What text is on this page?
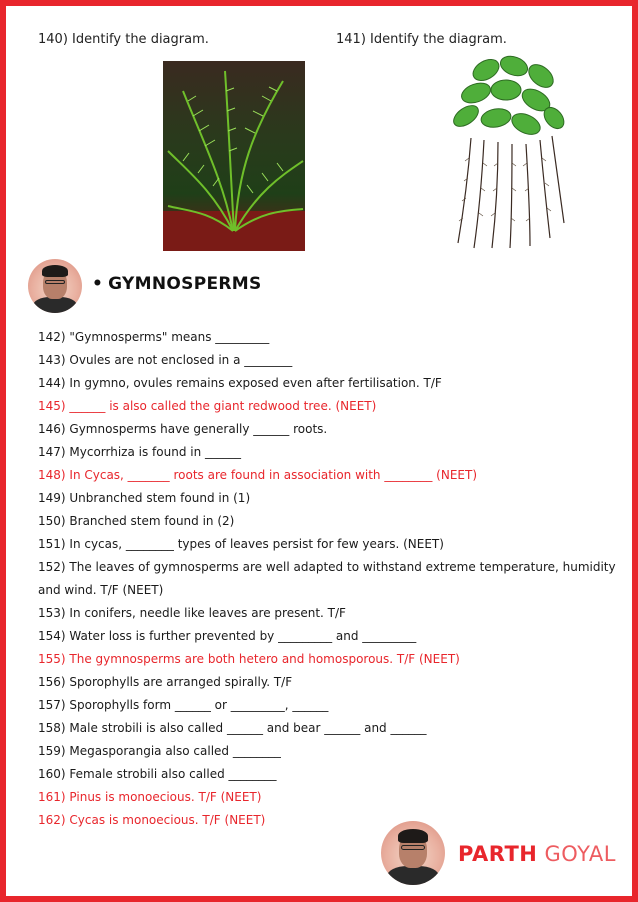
140) Identify the diagram.	141) Identify the diagram.
• GYMNOSPERMS
142) "Gymnosperms" means _________
143) Ovules are not enclosed in a ________
144) In gymno, ovules remains exposed even after fertilisation. T/F
145) ______ is also called the giant redwood tree. (NEET)
146) Gymnosperms have generally ______ roots.
147) Mycorrhiza is found in ______
148) In Cycas, _______ roots are found in association with ________ (NEET)
149) Unbranched stem found in (1)
150) Branched stem found in (2)
151) In cycas, ________ types of leaves persist for few years. (NEET)
152) The leaves of gymnosperms are well adapted to withstand extreme temperature, humidity and wind. T/F (NEET)
153) In conifers, needle like leaves are present. T/F
154) Water loss is further prevented by _________ and _________
155) The gymnosperms are both hetero and homosporous. T/F (NEET)
156) Sporophylls are arranged spirally. T/F
157) Sporophylls form ______ or _________, ______
158) Male strobili is also called ______ and bear ______ and ______
159) Megasporangia also called ________
160) Female strobili also called ________
161) Pinus is monoecious. T/F (NEET)
162) Cycas is monoecious. T/F (NEET)
PARTH GOYAL
